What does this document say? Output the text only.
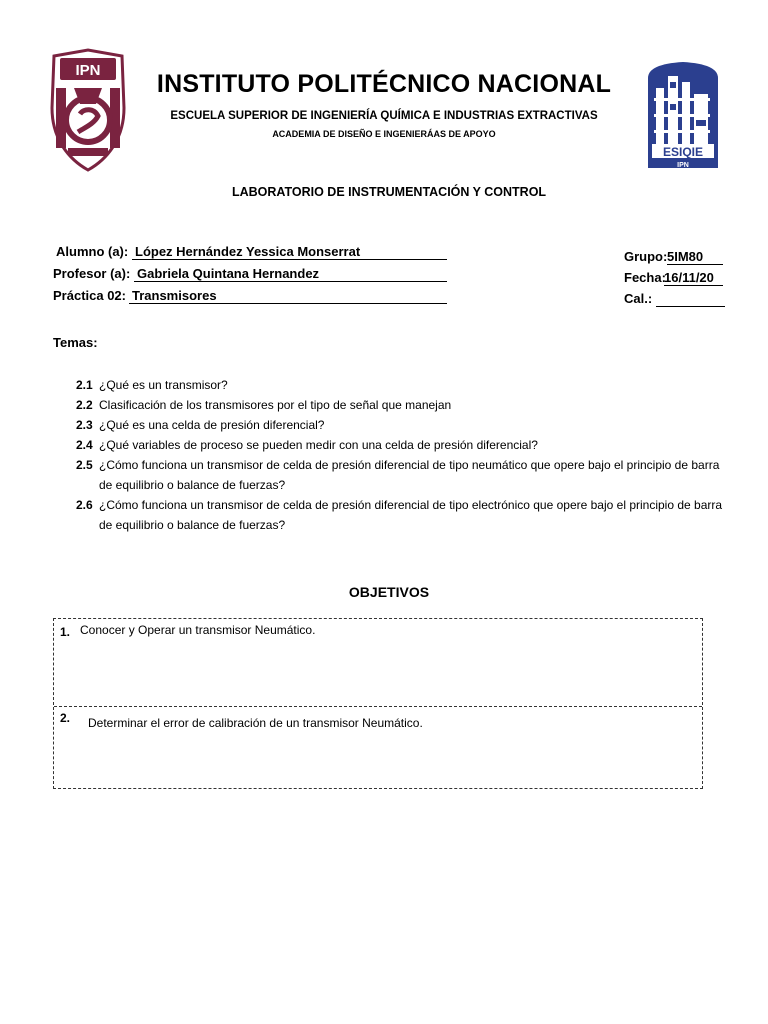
IPN
ESIQIE
IPN
INSTITUTO POLITÉCNICO NACIONAL
ESCUELA SUPERIOR DE INGENIERÍA QUÍMICA E INDUSTRIAS EXTRACTIVAS
ACADEMIA DE DISEÑO E INGENIERÁAS DE APOYO
LABORATORIO DE INSTRUMENTACIÓN Y CONTROL
Alumno (a): López Hernández Yessica Monserrat
Profesor (a): Gabriela Quintana Hernandez
Práctica 02: Transmisores
Grupo: 5IM80
Fecha:
16/11/20
Cal.:
Temas:
2.1 ¿Qué es un transmisor?
2.2 Clasificación de los transmisores por el tipo de señal que manejan
2.3 ¿Qué es una celda de presión diferencial?
2.4 ¿Qué variables de proceso se pueden medir con una celda de presión diferencial?
2.5 ¿Cómo funciona un transmisor de celda de presión diferencial de tipo neumático que opere bajo el principio de barra de equilibrio o balance de fuerzas?
2.6 ¿Cómo funciona un transmisor de celda de presión diferencial de tipo electrónico que opere bajo el principio de barra de equilibrio o balance de fuerzas?
OBJETIVOS
1. Conocer y Operar un transmisor Neumático.
2. Determinar el error de calibración de un transmisor Neumático.
